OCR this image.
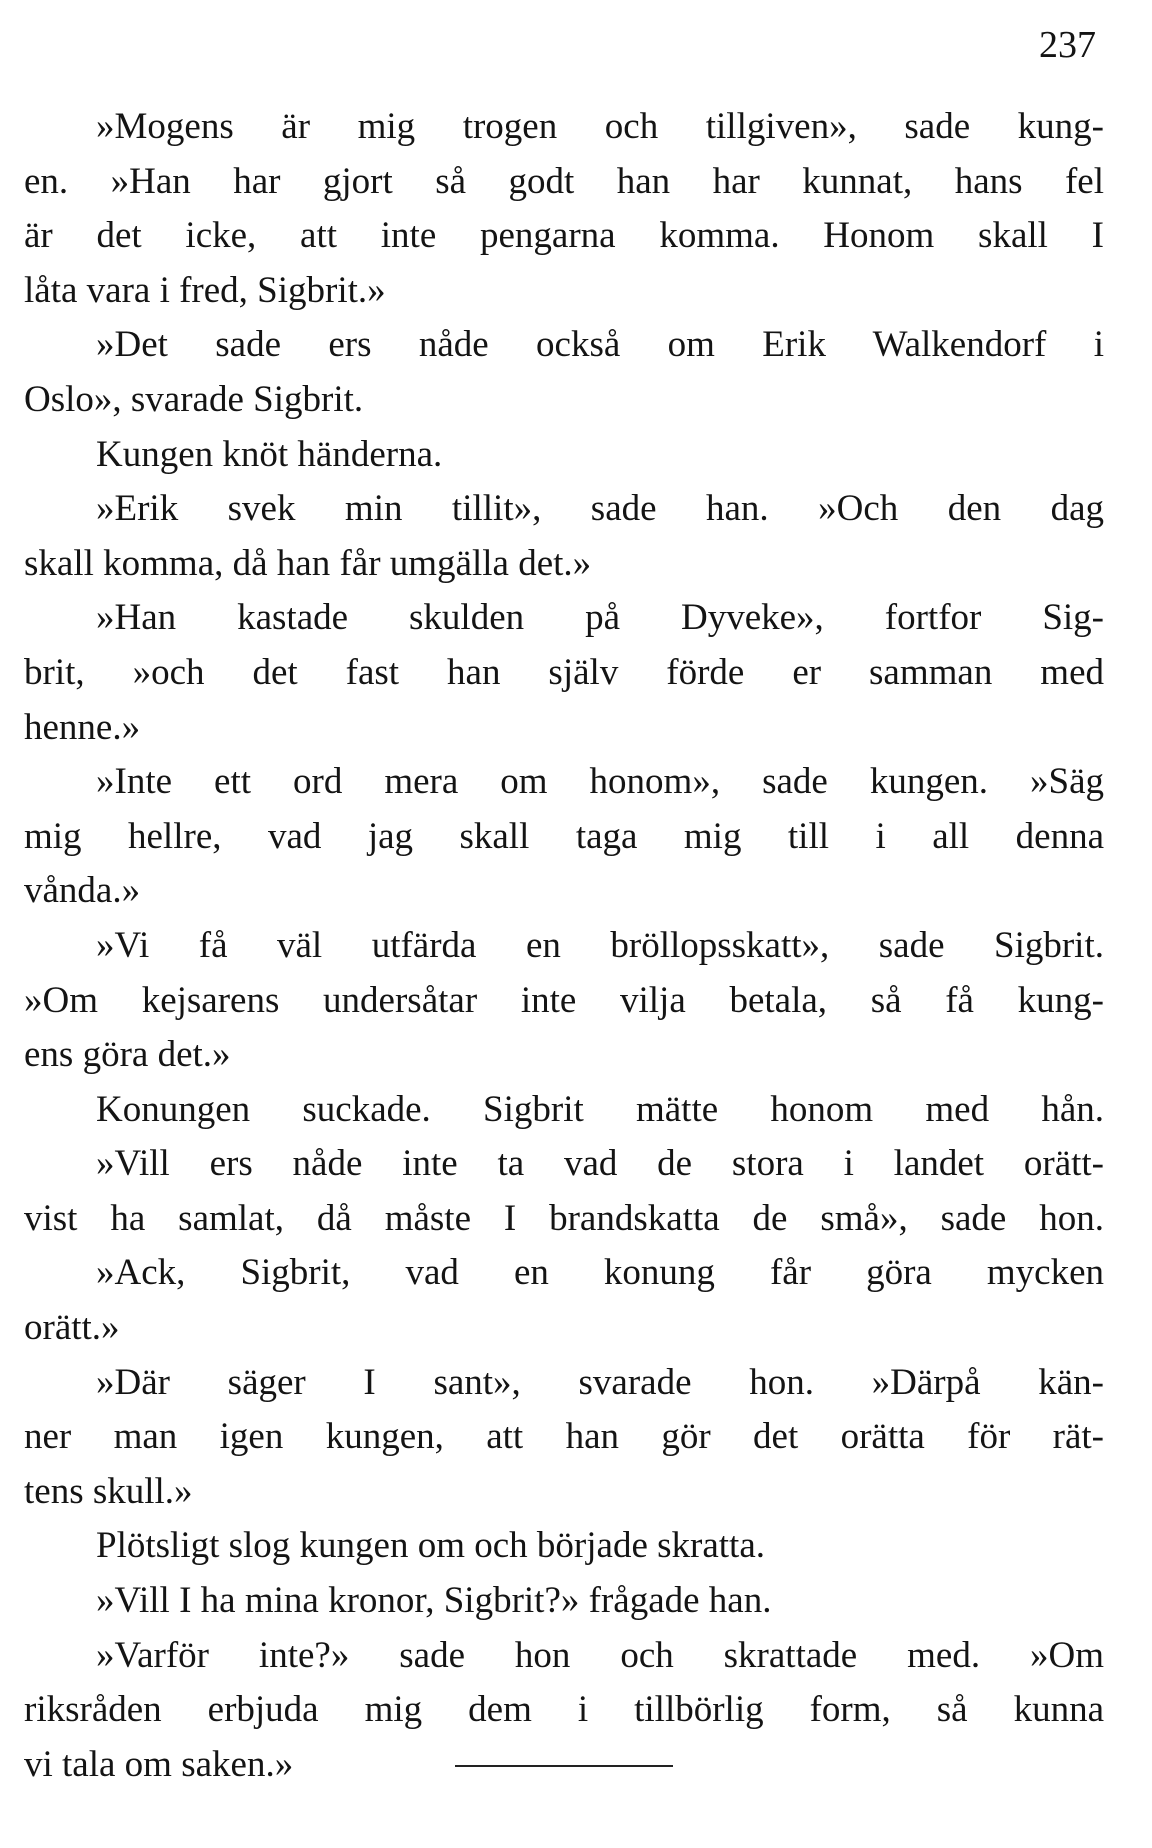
237
»Mogens är mig trogen och tillgiven», sade kung-
en. »Han har gjort så godt han har kunnat, hans fel
är det icke, att inte pengarna komma. Honom skall I
låta vara i fred, Sigbrit.»
»Det sade ers nåde också om Erik Walkendorf i
Oslo», svarade Sigbrit.
Kungen knöt händerna.
»Erik svek min tillit», sade han. »Och den dag
skall komma, då han får umgälla det.»
»Han kastade skulden på Dyveke», fortfor Sig-
brit, »och det fast han själv förde er samman med
henne.»
»Inte ett ord mera om honom», sade kungen. »Säg
mig hellre, vad jag skall taga mig till i all denna
vånda.»
»Vi få väl utfärda en bröllopsskatt», sade Sigbrit.
»Om kejsarens undersåtar inte vilja betala, så få kung-
ens göra det.»
Konungen suckade. Sigbrit mätte honom med hån.
»Vill ers nåde inte ta vad de stora i landet orätt-
vist ha samlat, då måste I brandskatta de små», sade hon.
»Ack, Sigbrit, vad en konung får göra mycken
orätt.»
»Där säger I sant», svarade hon. »Därpå kän-
ner man igen kungen, att han gör det orätta för rät-
tens skull.»
Plötsligt slog kungen om och började skratta.
»Vill I ha mina kronor, Sigbrit?» frågade han.
»Varför inte?» sade hon och skrattade med. »Om
riksråden erbjuda mig dem i tillbörlig form, så kunna
vi tala om saken.»
